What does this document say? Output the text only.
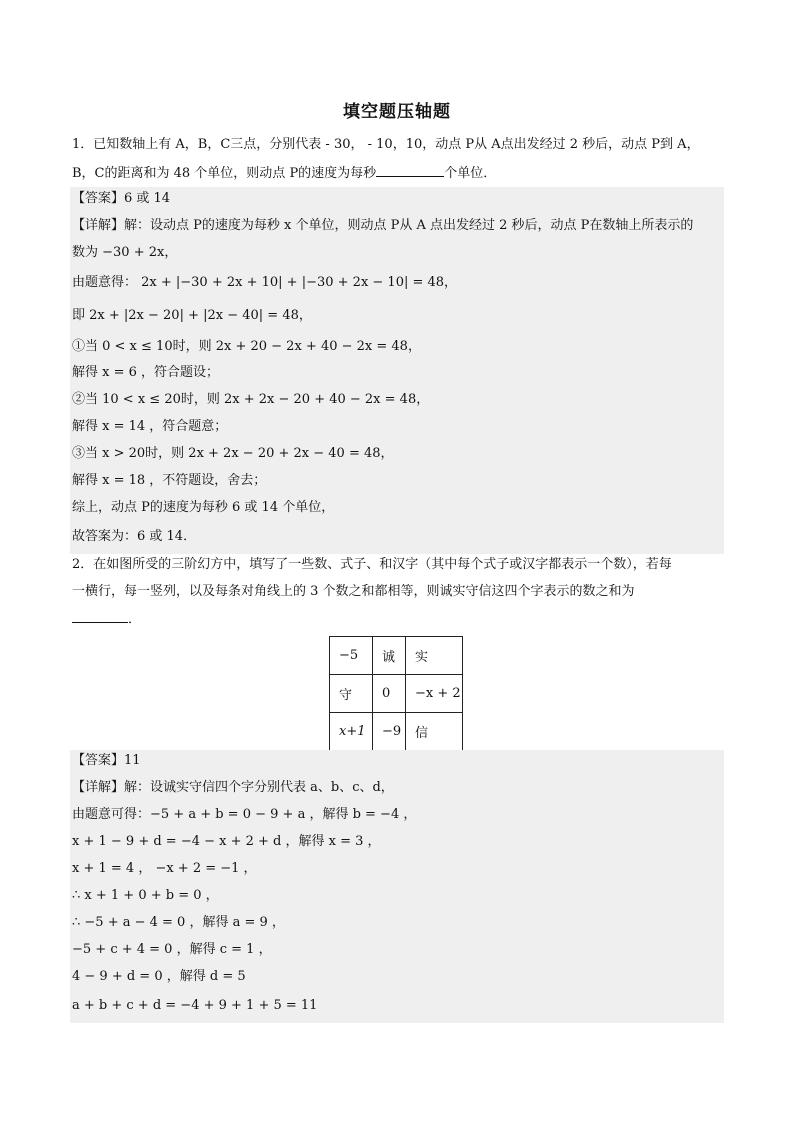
填空题压轴题
1．已知数轴上有 A，B，C三点，分别代表 - 30， - 10，10，动点 P从 A点出发经过 2 秒后，动点 P到 A，
B，C的距离和为 48 个单位，则动点 P的速度为每秒	个单位．
【答案】6 或 14
【详解】解：设动点 P的速度为每秒 x 个单位，则动点 P从 A 点出发经过 2 秒后，动点 P在数轴上所表示的
数为 −30 + 2x，
由题意得： 2x + |−30 + 2x + 10| + |−30 + 2x − 10| = 48，
即 2x + |2x − 20| + |2x − 40| = 48，
①当 0 < x ≤ 10时，则 2x + 20 − 2x + 40 − 2x = 48，
解得 x = 6 ，符合题设；
②当 10 < x ≤ 20时，则 2x + 2x − 20 + 40 − 2x = 48，
解得 x = 14 ，符合题意；
③当 x > 20时，则 2x + 2x − 20 + 2x − 40 = 48，
解得 x = 18 ，不符题设，舍去；
综上，动点 P的速度为每秒 6 或 14 个单位，
故答案为：6 或 14．
2．在如图所受的三阶幻方中，填写了一些数、式子、和汉字（其中每个式子或汉字都表示一个数），若每
一横行，每一竖列，以及每条对角线上的 3 个数之和都相等，则诚实守信这四个字表示的数之和为
．
−5	诚	实
守	0	−x + 2
x+1	−9	信
【答案】11
【详解】解：设诚实守信四个字分别代表 a、b、c、d，
由题意可得：−5 + a + b = 0 − 9 + a ，解得 b = −4 ，
x + 1 − 9 + d = −4 − x + 2 + d ，解得 x = 3 ，
x + 1 = 4 ， −x + 2 = −1 ，
∴ x + 1 + 0 + b = 0 ，
∴ −5 + a − 4 = 0 ，解得 a = 9 ，
−5 + c + 4 = 0 ，解得 c = 1 ，
4 − 9 + d = 0 ，解得 d = 5
a + b + c + d = −4 + 9 + 1 + 5 = 11
